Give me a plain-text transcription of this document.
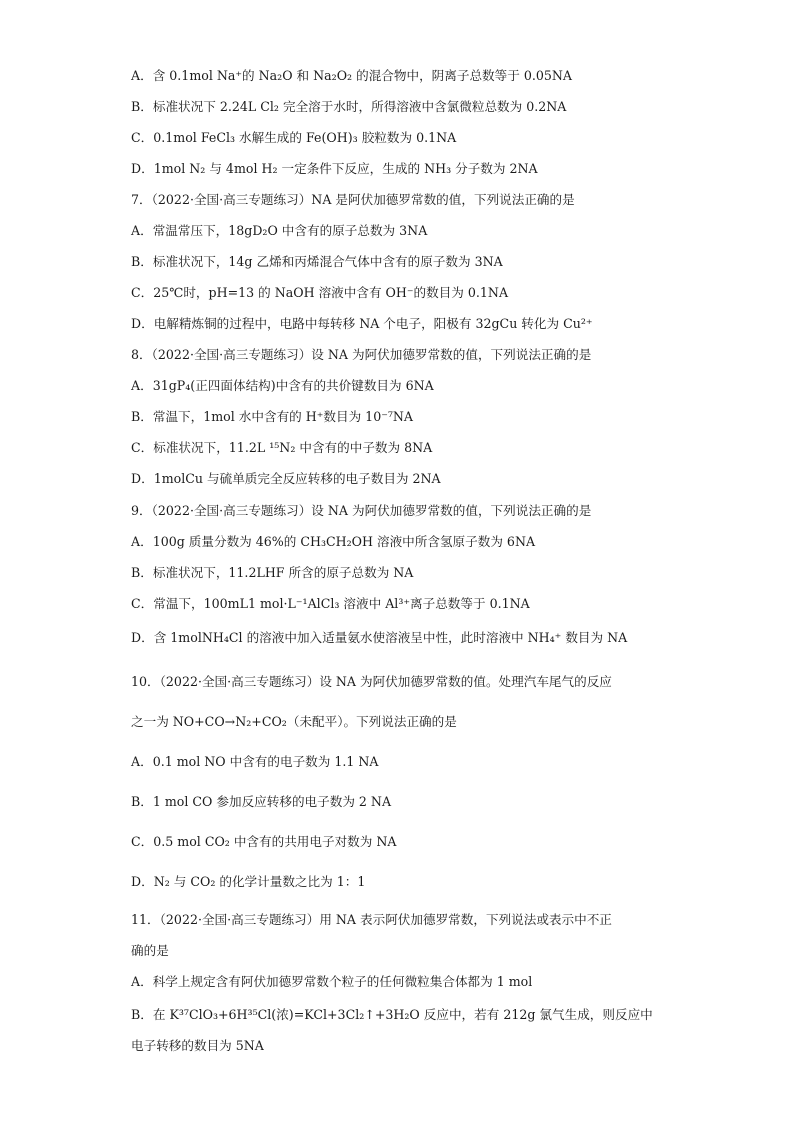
A．含 0.1mol Na⁺的 Na₂O 和 Na₂O₂ 的混合物中，阴离子总数等于 0.05NA
B．标准状况下 2.24L Cl₂ 完全溶于水时，所得溶液中含氯微粒总数为 0.2NA
C．0.1mol FeCl₃ 水解生成的 Fe(OH)₃ 胶粒数为 0.1NA
D．1mol N₂ 与 4mol H₂ 一定条件下反应，生成的 NH₃ 分子数为 2NA
7．（2022·全国·高三专题练习）NA 是阿伏加德罗常数的值，下列说法正确的是
A．常温常压下，18gD₂O 中含有的原子总数为 3NA
B．标准状况下，14g 乙烯和丙烯混合气体中含有的原子数为 3NA
C．25℃时，pH=13 的 NaOH 溶液中含有 OH⁻的数目为 0.1NA
D．电解精炼铜的过程中，电路中每转移 NA 个电子，阳极有 32gCu 转化为 Cu²⁺
8．（2022·全国·高三专题练习）设 NA 为阿伏加德罗常数的值，下列说法正确的是
A．31gP₄(正四面体结构)中含有的共价键数目为 6NA
B．常温下，1mol 水中含有的 H⁺数目为 10⁻⁷NA
C．标准状况下，11.2L ¹⁵N₂ 中含有的中子数为 8NA
D．1molCu 与硫单质完全反应转移的电子数目为 2NA
9．（2022·全国·高三专题练习）设 NA 为阿伏加德罗常数的值，下列说法正确的是
A．100g 质量分数为 46%的 CH₃CH₂OH 溶液中所含氢原子数为 6NA
B．标准状况下，11.2LHF 所含的原子总数为 NA
C．常温下，100mL1 mol·L⁻¹AlCl₃ 溶液中 Al³⁺离子总数等于 0.1NA
D．含 1molNH₄Cl 的溶液中加入适量氨水使溶液呈中性，此时溶液中 NH₄⁺ 数目为 NA
10．（2022·全国·高三专题练习）设 NA 为阿伏加德罗常数的值。处理汽车尾气的反应
之一为 NO+CO→N₂+CO₂（未配平）。下列说法正确的是
A．0.1 mol NO 中含有的电子数为 1.1 NA
B．1 mol CO 参加反应转移的电子数为 2 NA
C．0.5 mol CO₂ 中含有的共用电子对数为 NA
D．N₂ 与 CO₂ 的化学计量数之比为 1：1
11．（2022·全国·高三专题练习）用 NA 表示阿伏加德罗常数，下列说法或表示中不正
确的是
A．科学上规定含有阿伏加德罗常数个粒子的任何微粒集合体都为 1 mol
B．在 K³⁷ClO₃+6H³⁵Cl(浓)=KCl+3Cl₂↑+3H₂O 反应中，若有 212g 氯气生成，则反应中
电子转移的数目为 5NA
